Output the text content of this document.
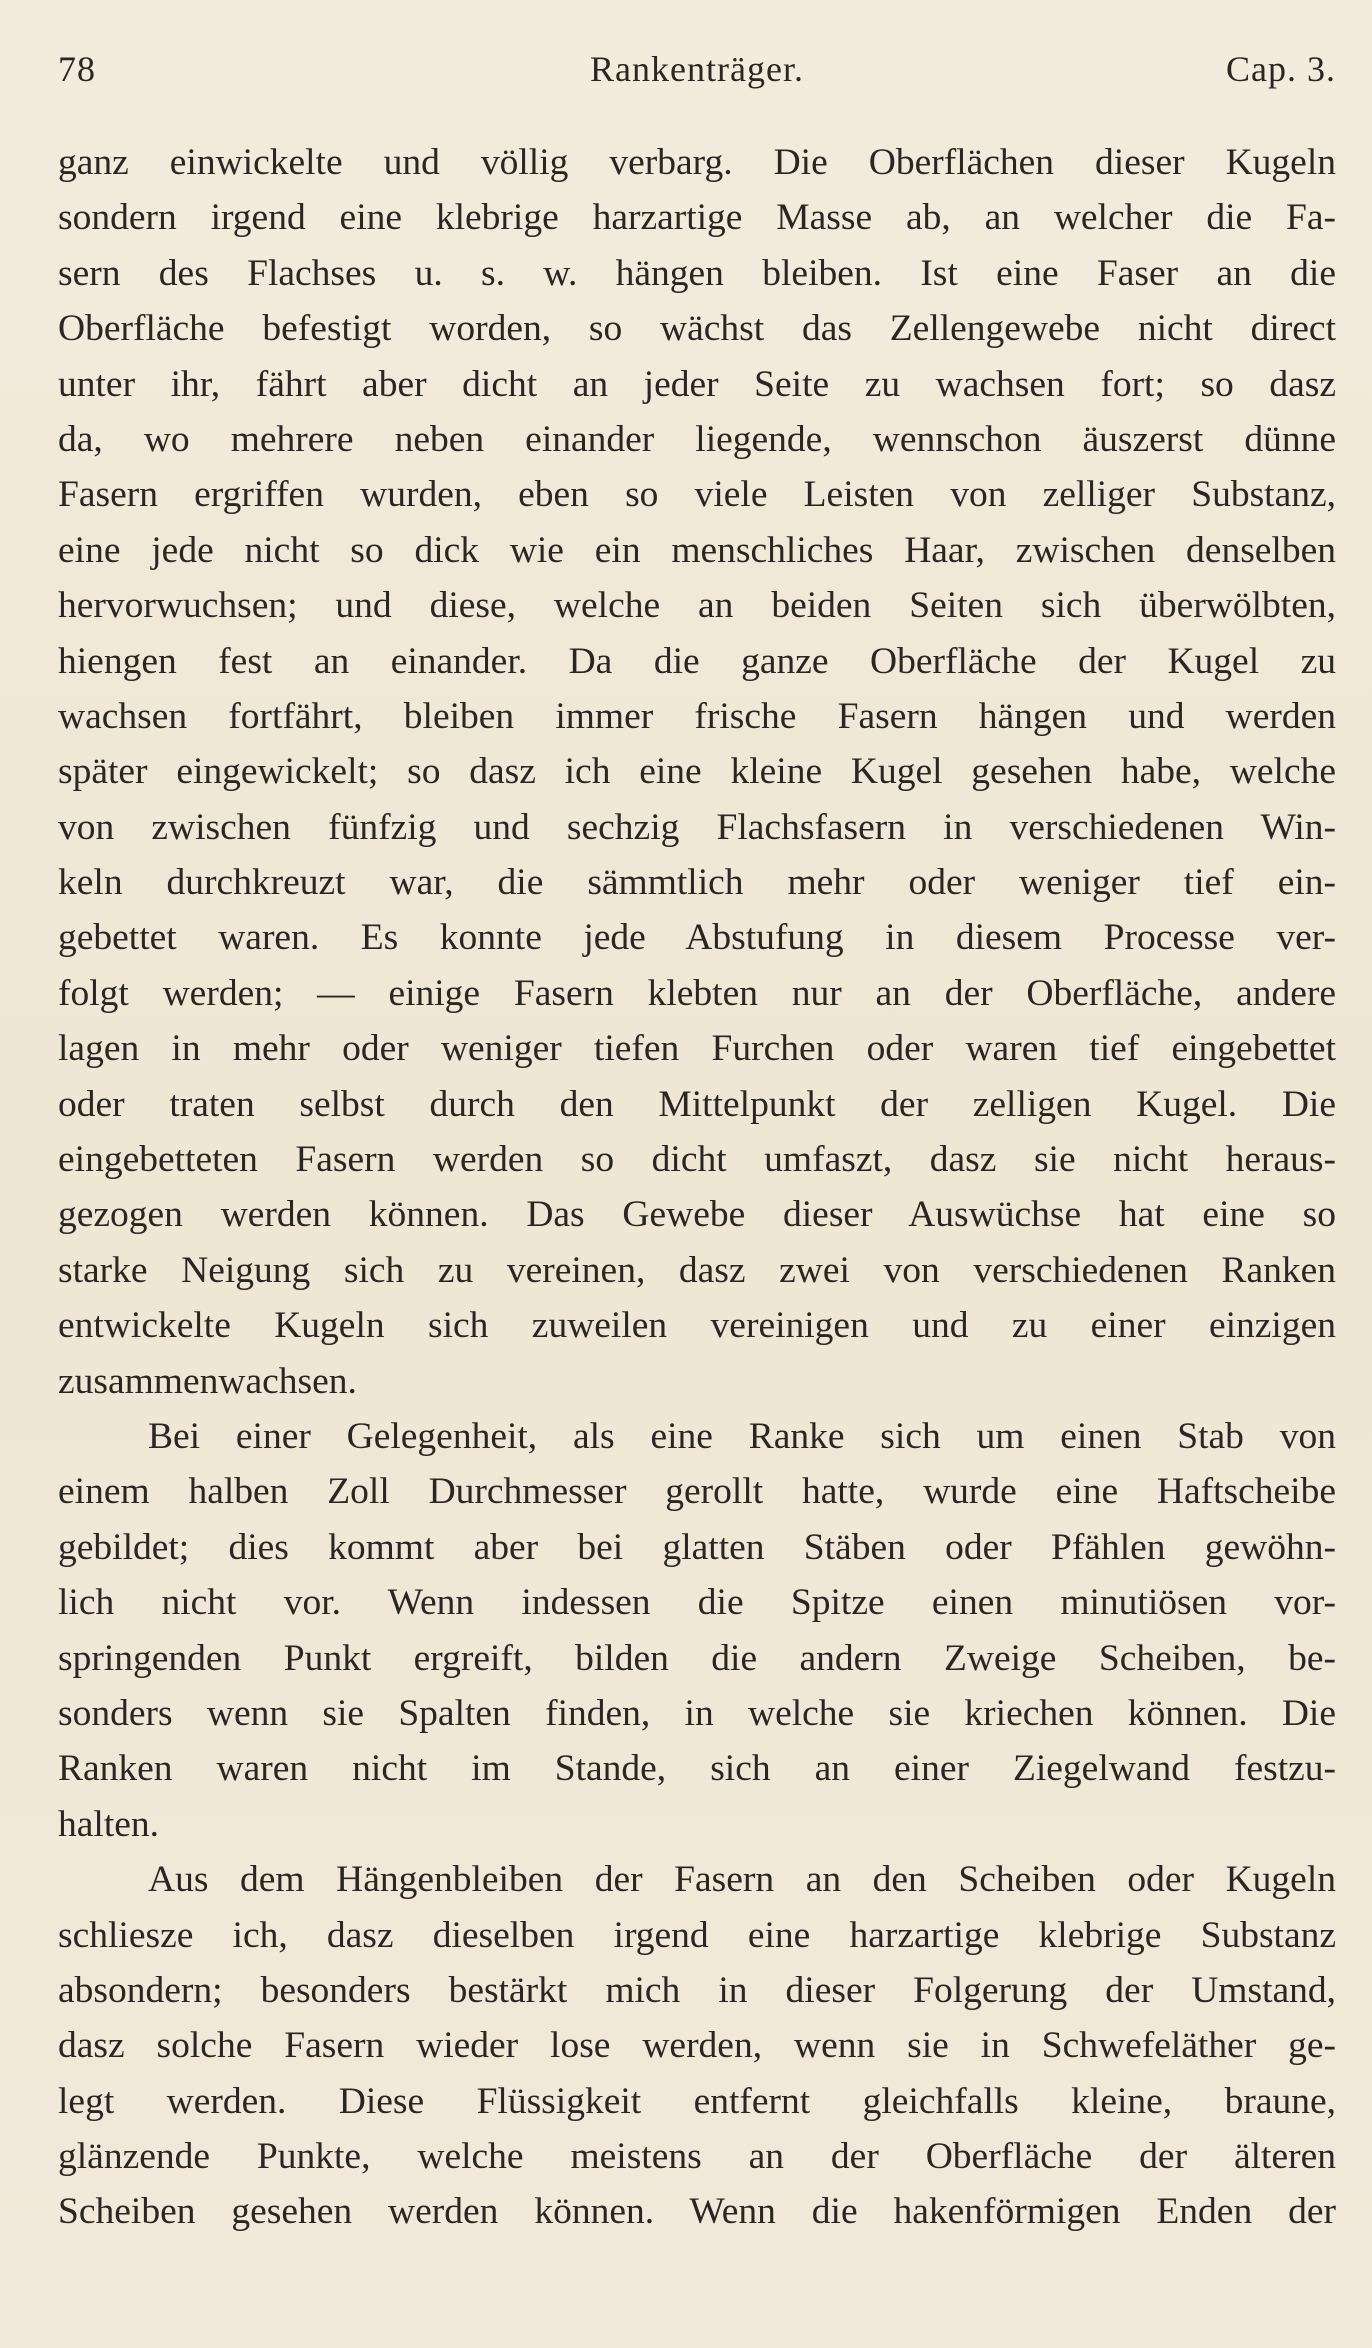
78	Rankenträger.	Cap. 3.
ganz einwickelte und völlig verbarg. Die Oberflächen dieser Kugeln
sondern irgend eine klebrige harzartige Masse ab, an welcher die Fa-
sern des Flachses u. s. w. hängen bleiben. Ist eine Faser an die
Oberfläche befestigt worden, so wächst das Zellengewebe nicht direct
unter ihr, fährt aber dicht an jeder Seite zu wachsen fort; so dasz
da, wo mehrere neben einander liegende, wennschon äuszerst dünne
Fasern ergriffen wurden, eben so viele Leisten von zelliger Substanz,
eine jede nicht so dick wie ein menschliches Haar, zwischen denselben
hervorwuchsen; und diese, welche an beiden Seiten sich überwölbten,
hiengen fest an einander. Da die ganze Oberfläche der Kugel zu
wachsen fortfährt, bleiben immer frische Fasern hängen und werden
später eingewickelt; so dasz ich eine kleine Kugel gesehen habe, welche
von zwischen fünfzig und sechzig Flachsfasern in verschiedenen Win-
keln durchkreuzt war, die sämmtlich mehr oder weniger tief ein-
gebettet waren. Es konnte jede Abstufung in diesem Processe ver-
folgt werden; — einige Fasern klebten nur an der Oberfläche, andere
lagen in mehr oder weniger tiefen Furchen oder waren tief eingebettet
oder traten selbst durch den Mittelpunkt der zelligen Kugel. Die
eingebetteten Fasern werden so dicht umfaszt, dasz sie nicht heraus-
gezogen werden können. Das Gewebe dieser Auswüchse hat eine so
starke Neigung sich zu vereinen, dasz zwei von verschiedenen Ranken
entwickelte Kugeln sich zuweilen vereinigen und zu einer einzigen
zusammenwachsen.
Bei einer Gelegenheit, als eine Ranke sich um einen Stab von
einem halben Zoll Durchmesser gerollt hatte, wurde eine Haftscheibe
gebildet; dies kommt aber bei glatten Stäben oder Pfählen gewöhn-
lich nicht vor. Wenn indessen die Spitze einen minutiösen vor-
springenden Punkt ergreift, bilden die andern Zweige Scheiben, be-
sonders wenn sie Spalten finden, in welche sie kriechen können. Die
Ranken waren nicht im Stande, sich an einer Ziegelwand festzu-
halten.
Aus dem Hängenbleiben der Fasern an den Scheiben oder Kugeln
schliesze ich, dasz dieselben irgend eine harzartige klebrige Substanz
absondern; besonders bestärkt mich in dieser Folgerung der Umstand,
dasz solche Fasern wieder lose werden, wenn sie in Schwefeläther ge-
legt werden. Diese Flüssigkeit entfernt gleichfalls kleine, braune,
glänzende Punkte, welche meistens an der Oberfläche der älteren
Scheiben gesehen werden können. Wenn die hakenförmigen Enden der
